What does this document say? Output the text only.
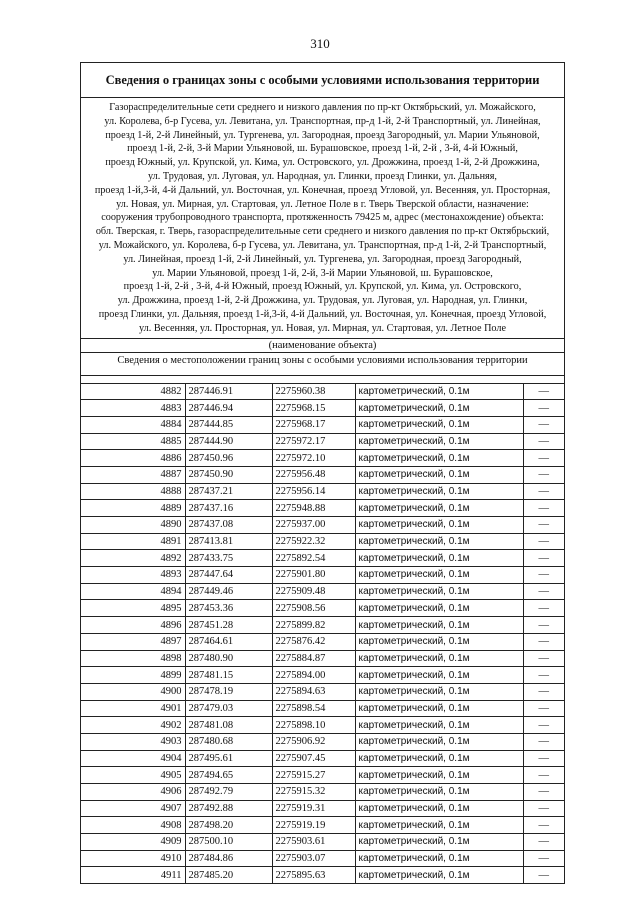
310
Сведения о границах зоны с особыми условиями использования территории
Газораспределительные сети среднего и низкого давления по пр-кт Октябрьский, ул. Можайского,
ул. Королева, б-р Гусева, ул. Левитана, ул. Транспортная, пр-д 1-й, 2-й Транспортный, ул. Линейная,
проезд 1-й, 2-й Линейный, ул. Тургенева, ул. Загородная, проезд Загородный, ул. Марии Ульяновой,
проезд 1-й, 2-й, 3-й Марии Ульяновой, ш. Бурашовское, проезд 1-й, 2-й , 3-й, 4-й Южный,
проезд Южный, ул. Крупской, ул. Кима, ул. Островского, ул. Дрожжина, проезд 1-й, 2-й Дрожжина,
ул. Трудовая, ул. Луговая, ул. Народная, ул. Глинки, проезд Глинки, ул. Дальняя,
проезд 1-й,3-й, 4-й Дальний, ул. Восточная, ул. Конечная, проезд Угловой, ул. Весенняя, ул. Просторная,
ул. Новая, ул. Мирная, ул. Стартовая, ул. Летное Поле в г. Тверь Тверской области, назначение:
сооружения трубопроводного транспорта, протяженность 79425 м, адрес (местонахождение) объекта:
обл. Тверская, г. Тверь, газораспределительные сети среднего и низкого давления по пр-кт Октябрьский,
ул. Можайского, ул. Королева, б-р Гусева, ул. Левитана, ул. Транспортная, пр-д 1-й, 2-й Транспортный,
ул. Линейная, проезд 1-й, 2-й Линейный, ул. Тургенева, ул. Загородная, проезд Загородный,
ул. Марии Ульяновой, проезд 1-й, 2-й, 3-й Марии Ульяновой, ш. Бурашовское,
проезд 1-й, 2-й , 3-й, 4-й Южный, проезд Южный, ул. Крупской, ул. Кима, ул. Островского,
ул. Дрожжина, проезд 1-й, 2-й Дрожжина, ул. Трудовая, ул. Луговая, ул. Народная, ул. Глинки,
проезд Глинки, ул. Дальняя, проезд 1-й,3-й, 4-й Дальний, ул. Восточная, ул. Конечная, проезд Угловой,
ул. Весенняя, ул. Просторная, ул. Новая, ул. Мирная, ул. Стартовая, ул. Летное Поле
(наименование объекта)
Сведения о местоположении границ зоны с особыми условиями использования территории
4882	287446.91	2275960.38	картометрический, 0.1м	—
4883	287446.94	2275968.15	картометрический, 0.1м	—
4884	287444.85	2275968.17	картометрический, 0.1м	—
4885	287444.90	2275972.17	картометрический, 0.1м	—
4886	287450.96	2275972.10	картометрический, 0.1м	—
4887	287450.90	2275956.48	картометрический, 0.1м	—
4888	287437.21	2275956.14	картометрический, 0.1м	—
4889	287437.16	2275948.88	картометрический, 0.1м	—
4890	287437.08	2275937.00	картометрический, 0.1м	—
4891	287413.81	2275922.32	картометрический, 0.1м	—
4892	287433.75	2275892.54	картометрический, 0.1м	—
4893	287447.64	2275901.80	картометрический, 0.1м	—
4894	287449.46	2275909.48	картометрический, 0.1м	—
4895	287453.36	2275908.56	картометрический, 0.1м	—
4896	287451.28	2275899.82	картометрический, 0.1м	—
4897	287464.61	2275876.42	картометрический, 0.1м	—
4898	287480.90	2275884.87	картометрический, 0.1м	—
4899	287481.15	2275894.00	картометрический, 0.1м	—
4900	287478.19	2275894.63	картометрический, 0.1м	—
4901	287479.03	2275898.54	картометрический, 0.1м	—
4902	287481.08	2275898.10	картометрический, 0.1м	—
4903	287480.68	2275906.92	картометрический, 0.1м	—
4904	287495.61	2275907.45	картометрический, 0.1м	—
4905	287494.65	2275915.27	картометрический, 0.1м	—
4906	287492.79	2275915.32	картометрический, 0.1м	—
4907	287492.88	2275919.31	картометрический, 0.1м	—
4908	287498.20	2275919.19	картометрический, 0.1м	—
4909	287500.10	2275903.61	картометрический, 0.1м	—
4910	287484.86	2275903.07	картометрический, 0.1м	—
4911	287485.20	2275895.63	картометрический, 0.1м	—
